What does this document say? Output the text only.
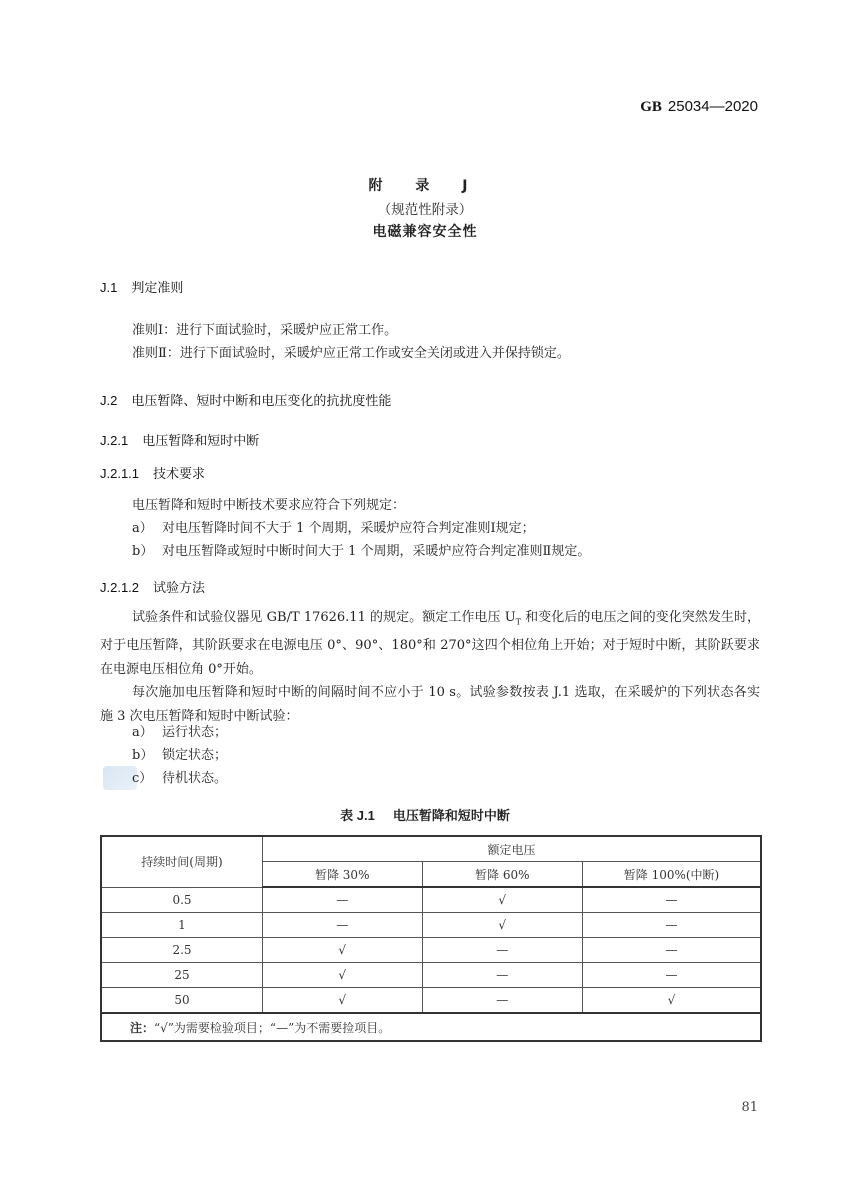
GB 25034—2020
附 录 J
（规范性附录）
电磁兼容安全性
J.1 判定准则
准则Ⅰ：进行下面试验时，采暖炉应正常工作。
准则Ⅱ：进行下面试验时，采暖炉应正常工作或安全关闭或进入并保持锁定。
J.2 电压暂降、短时中断和电压变化的抗扰度性能
J.2.1 电压暂降和短时中断
J.2.1.1 技术要求
电压暂降和短时中断技术要求应符合下列规定：
a） 对电压暂降时间不大于 1 个周期，采暖炉应符合判定准则Ⅰ规定；
b） 对电压暂降或短时中断时间大于 1 个周期，采暖炉应符合判定准则Ⅱ规定。
J.2.1.2 试验方法

试验条件和试验仪器见 GB/T 17626.11 的规定。额定工作电压 $U_T$ 和变化后的电压之间的变化突然发生时，对于电压暂降，其阶跃要求在电源电压 0°、90°、180°和 270°这四个相位角上开始；对于短时中断，其阶跃要求在电源电压相位角 0°开始。

每次施加电压暂降和短时中断的间隔时间不应小于 10 s。试验参数按表 J.1 选取，在采暖炉的下列状态各实施 3 次电压暂降和短时中断试验：

a） 运行状态；
b） 锁定状态；
c） 待机状态。
表 J.1 电压暂降和短时中断
持续时间(周期)	额定电压		
	暂降 30%	暂降 60%	暂降 100%(中断)
0.5	—	√	—
1	—	√	—
2.5	√	—	—
25	√	—	—
50	√	—	√
注：“√”为需要检验项目；“—”为不需要捡项目。			
81
